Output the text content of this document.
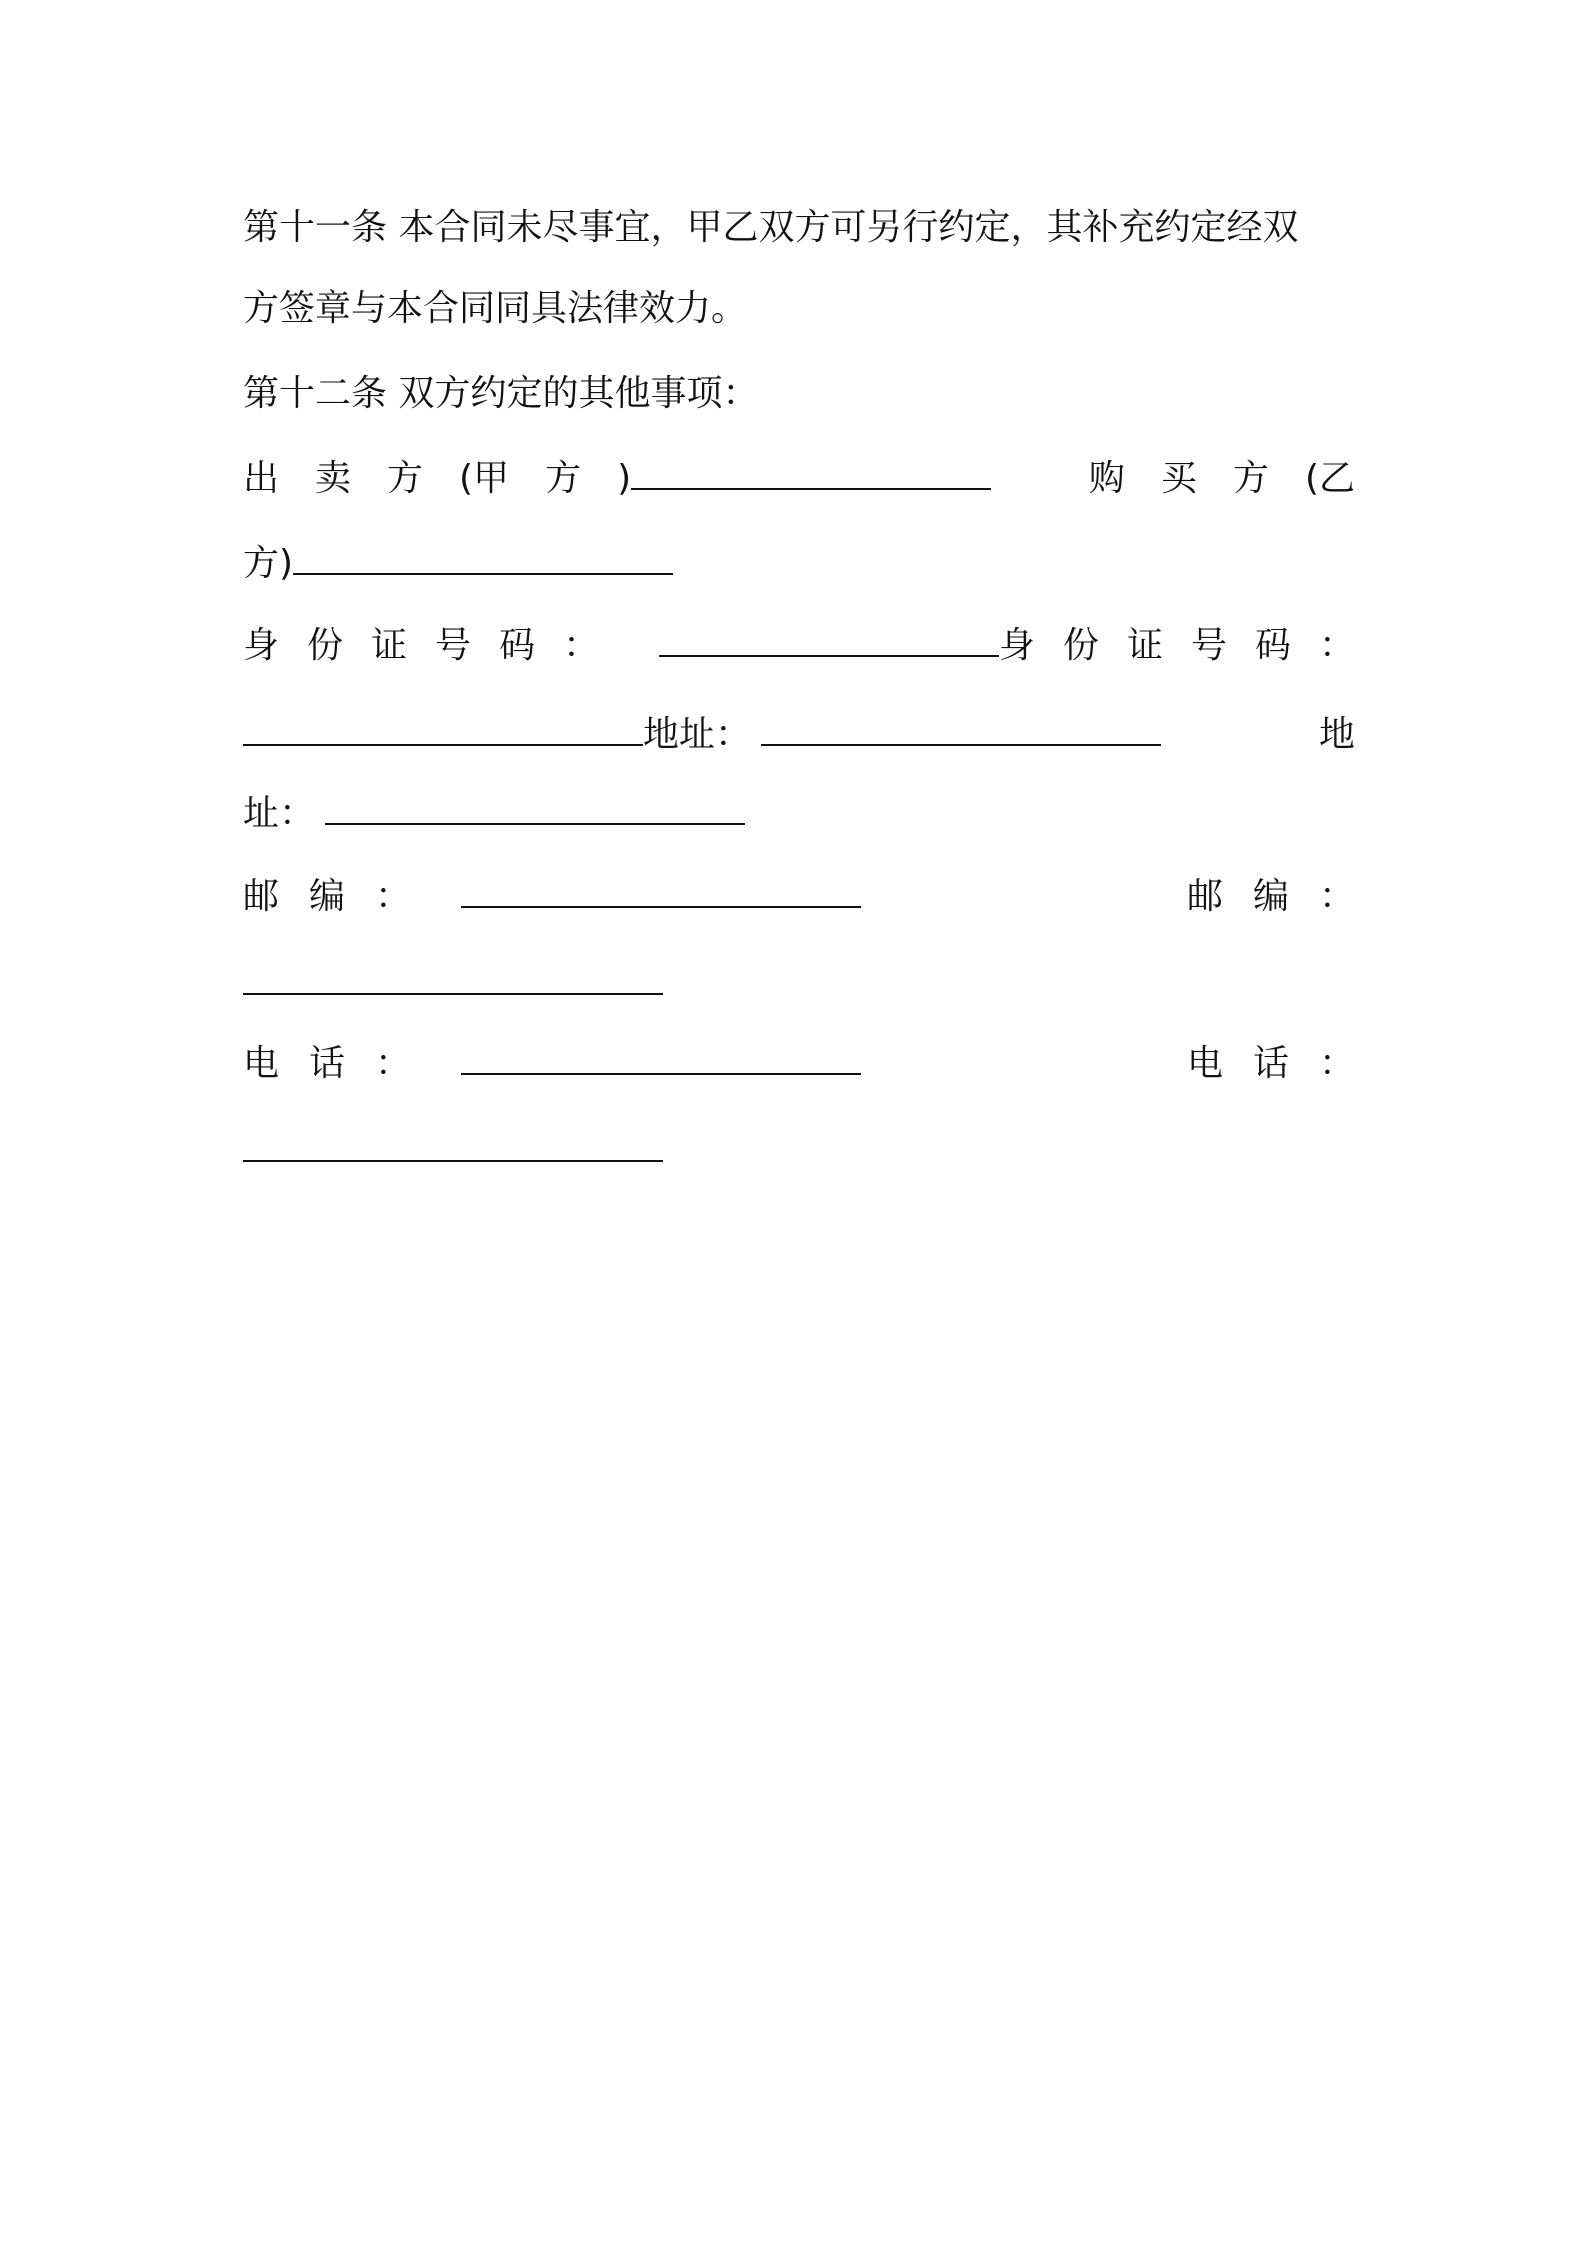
第十一条 本合同未尽事宜，甲乙双方可另行约定，其补充约定经双
方签章与本合同同具法律效力。
第十二条 双方约定的其他事项：
出 卖 方 (甲 方 )	购 买 方 (乙
方)
身 份 证 号 码 ：	身 份 证 号 码 ：
地址：	地
址：
邮 编 ：	邮 编 ：
电 话 ：	电 话 ：
